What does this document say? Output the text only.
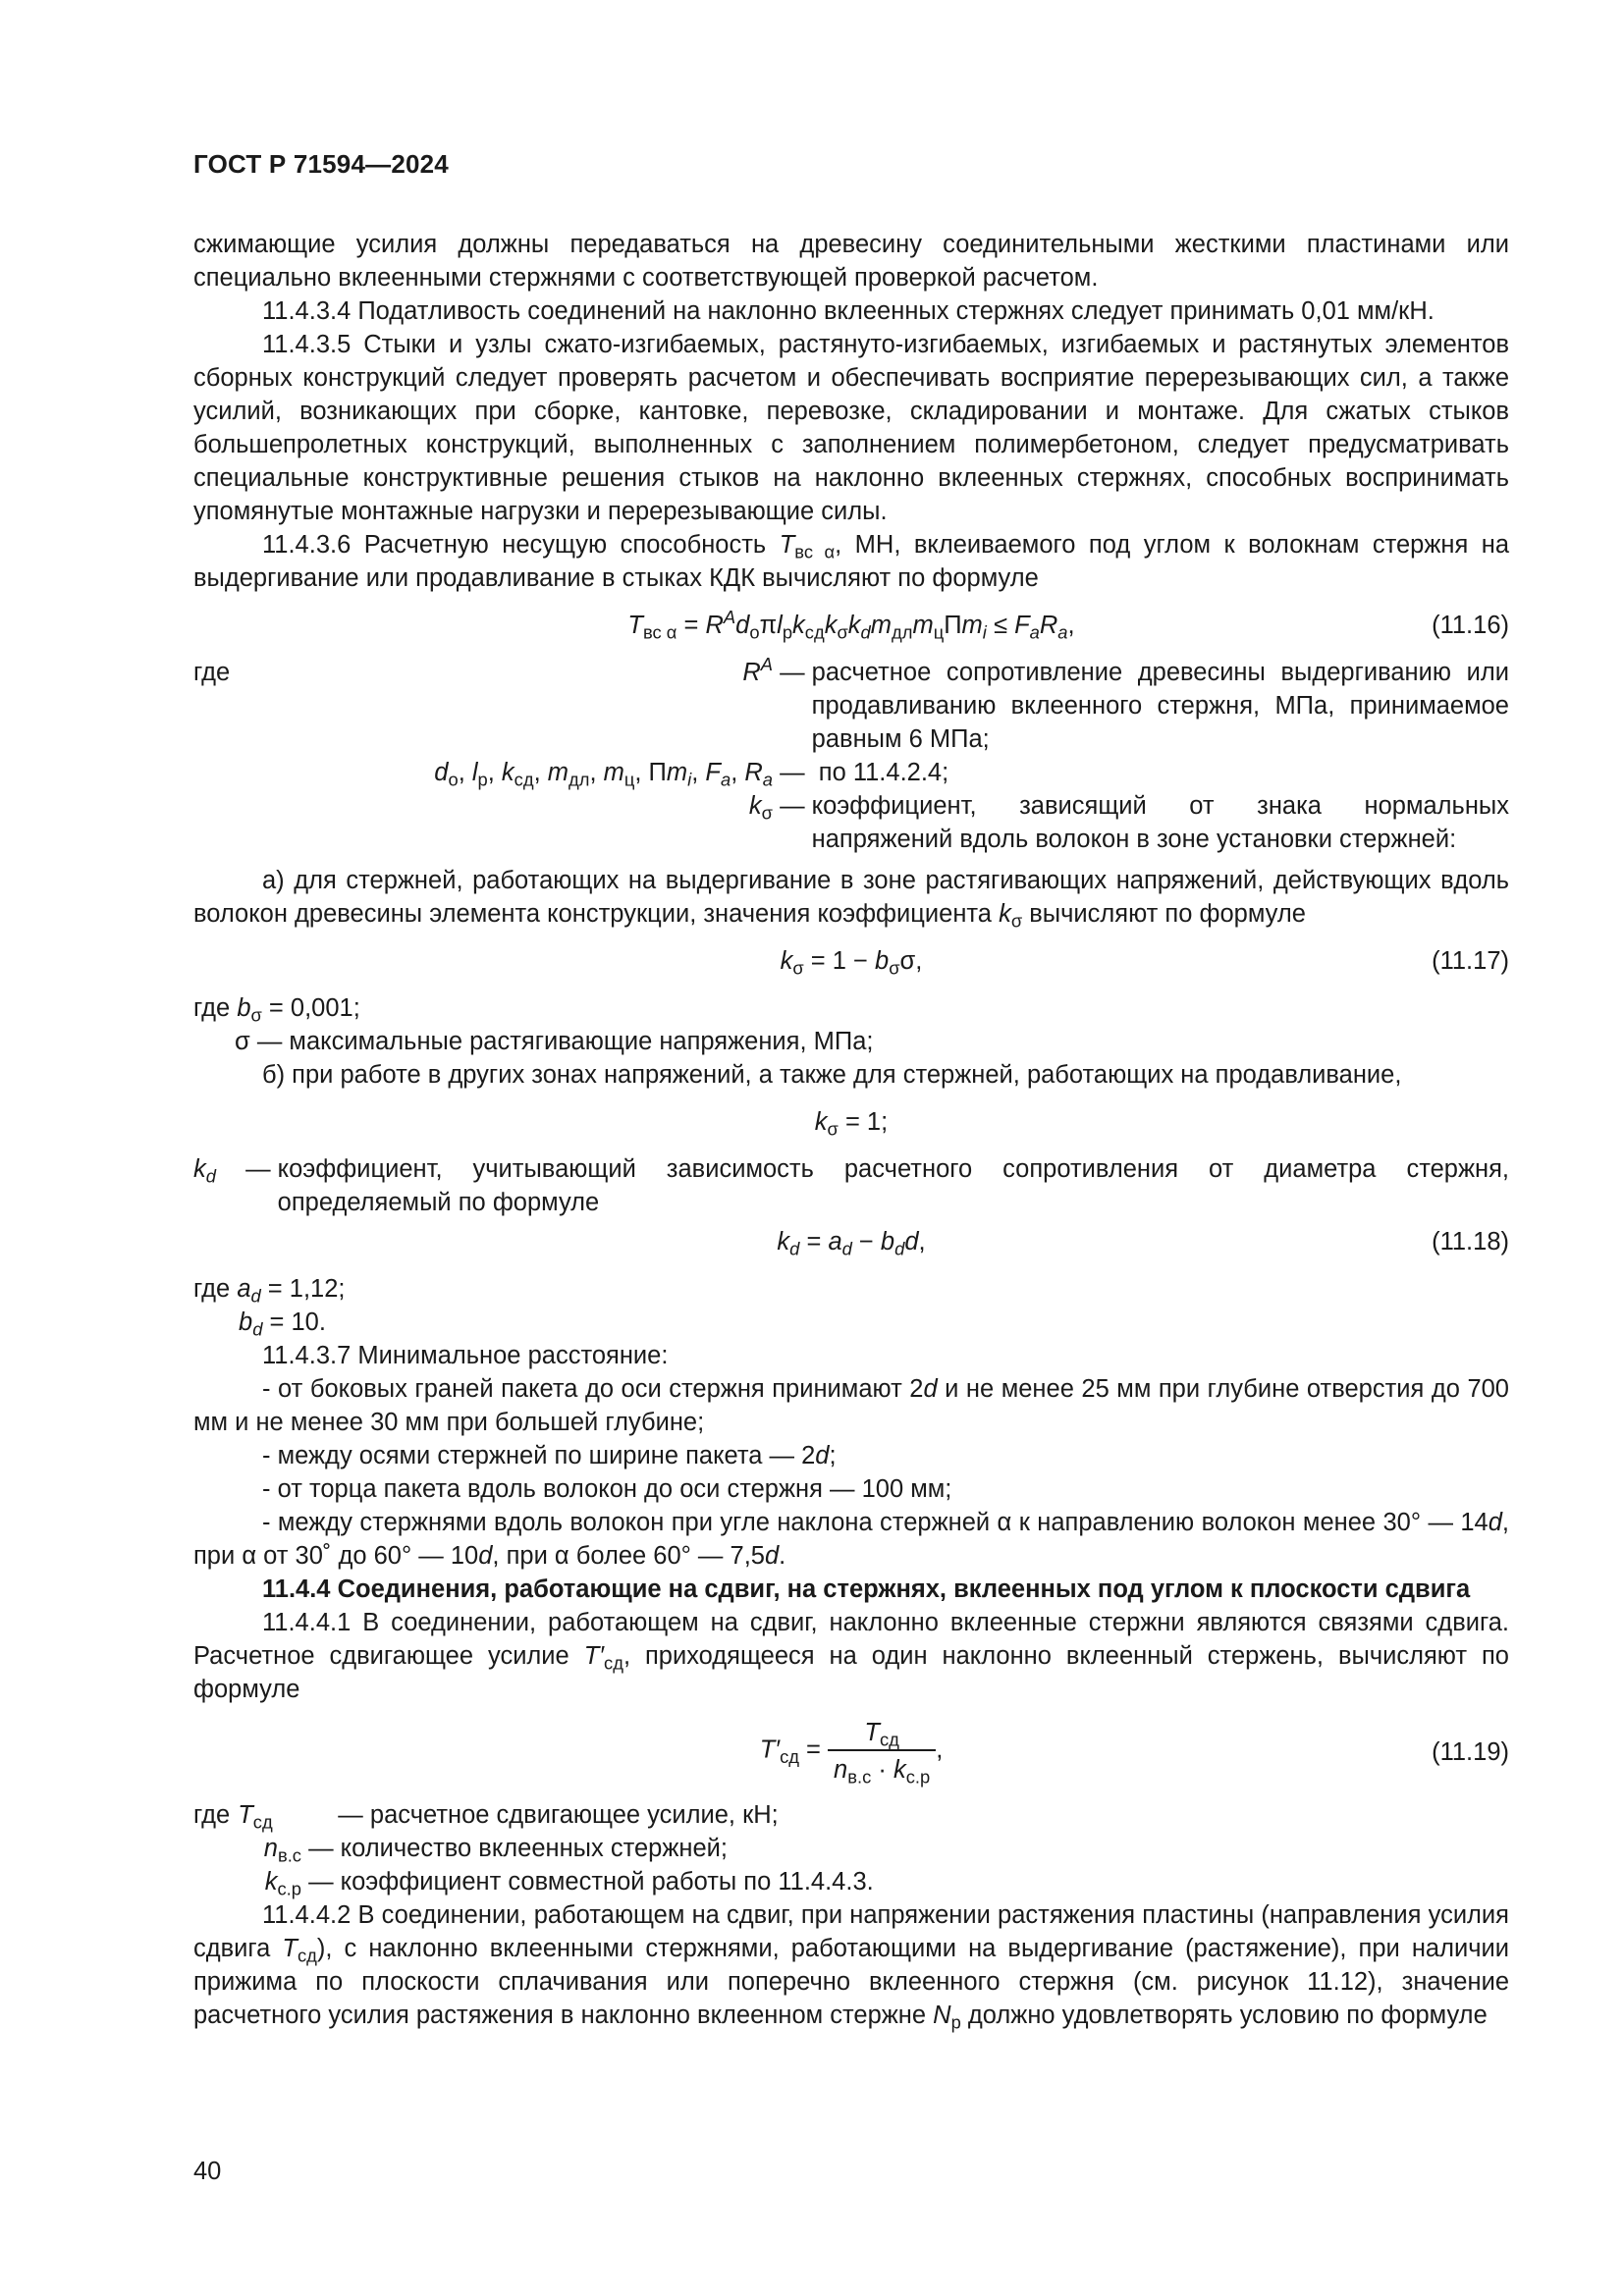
ГОСТ Р 71594—2024

сжимающие усилия должны передаваться на древесину соединительными жесткими пластинами или специально вклеенными стержнями с соответствующей проверкой расчетом.

11.4.3.4 Податливость соединений на наклонно вклеенных стержнях следует принимать 0,01 мм/кН.

11.4.3.5 Стыки и узлы сжато-изгибаемых, растянуто-изгибаемых, изгибаемых и растянутых элементов сборных конструкций следует проверять расчетом и обеспечивать восприятие перерезывающих сил, а также усилий, возникающих при сборке, кантовке, перевозке, складировании и монтаже. Для сжатых стыков большепролетных конструкций, выполненных с заполнением полимербетоном, следует предусматривать специальные конструктивные решения стыков на наклонно вклеенных стержнях, способных воспринимать упомянутые монтажные нагрузки и перерезывающие силы.

11.4.3.6 Расчетную несущую способность $T_{вс \alpha}$, МН, вклеиваемого под углом к волокнам стержня на выдергивание или продавливание в стыках КДК вычисляют по формуле

$T_{вс \alpha} = R^Ad_о\pi l_рk_{сд}k_\sigma k_dm_{дл}m_цПm_i \le F_aR_a$,	(11.16)
где	$R^A$ — расчетное сопротивление древесины выдергиванию или продавливанию вклеенного стержня, МПа, принимаемое равным 6 МПа;
$d_о$, $l_р$, $k_{сд}$, $m_{дл}$, $m_ц$, $Пm_i$, $F_a$, $R_a$ — по 11.4.2.4;
$k_\sigma$ — коэффициент, зависящий от знака нормальных напряжений вдоль волокон в зоне установки стержней:

а) для стержней, работающих на выдергивание в зоне растягивающих напряжений, действующих вдоль волокон древесины элемента конструкции, значения коэффициента $k_\sigma$ вычисляют по формуле

$k_\sigma = 1 - b_\sigma\sigma$,	(11.17)

где $b_\sigma = 0,001$;

σ — максимальные растягивающие напряжения, МПа;

б) при работе в других зонах напряжений, а также для стержней, работающих на продавливание,

$k_\sigma = 1$;
$k_d$ — коэффициент, учитывающий зависимость расчетного сопротивления от диаметра стержня, определяемый по формуле
$k_d = a_d - b_dd$,	(11.18)

где $a_d = 1,12$;

$b_d = 10$.

11.4.3.7 Минимальное расстояние:

- от боковых граней пакета до оси стержня принимают 2d и не менее 25 мм при глубине отверстия до 700 мм и не менее 30 мм при большей глубине;

- между осями стержней по ширине пакета — 2d;

- от торца пакета вдоль волокон до оси стержня — 100 мм;

- между стержнями вдоль волокон при угле наклона стержней α к направлению волокон менее 30° — 14d, при α от 30˚ до 60° — 10d, при α более 60° — 7,5d.

11.4.4 Соединения, работающие на сдвиг, на стержнях, вклеенных под углом к плоскости сдвига

11.4.4.1 В соединении, работающем на сдвиг, наклонно вклеенные стержни являются связями сдвига. Расчетное сдвигающее усилие $T'_{сд}$, приходящееся на один наклонно вклеенный стержень, вычисляют по формуле

$T'_{сд} = \frac{T_{сд}}{n_{в.с} \cdot k_{с.р}}$ ,	(11.19)
где $T_{сд}$	— расчетное сдвигающее усилие, кН;
$n_{в.с}$ — количество вклеенных стержней;
$k_{с.р}$ — коэффициент совместной работы по 11.4.4.3.

11.4.4.2 В соединении, работающем на сдвиг, при напряжении растяжения пластины (направления усилия сдвига $T_{сд}$), с наклонно вклеенными стержнями, работающими на выдергивание (растяжение), при наличии прижима по плоскости сплачивания или поперечно вклеенного стержня (см. рисунок 11.12), значение расчетного усилия растяжения в наклонно вклеенном стержне $N_р$ должно удовлетворять условию по формуле

40
